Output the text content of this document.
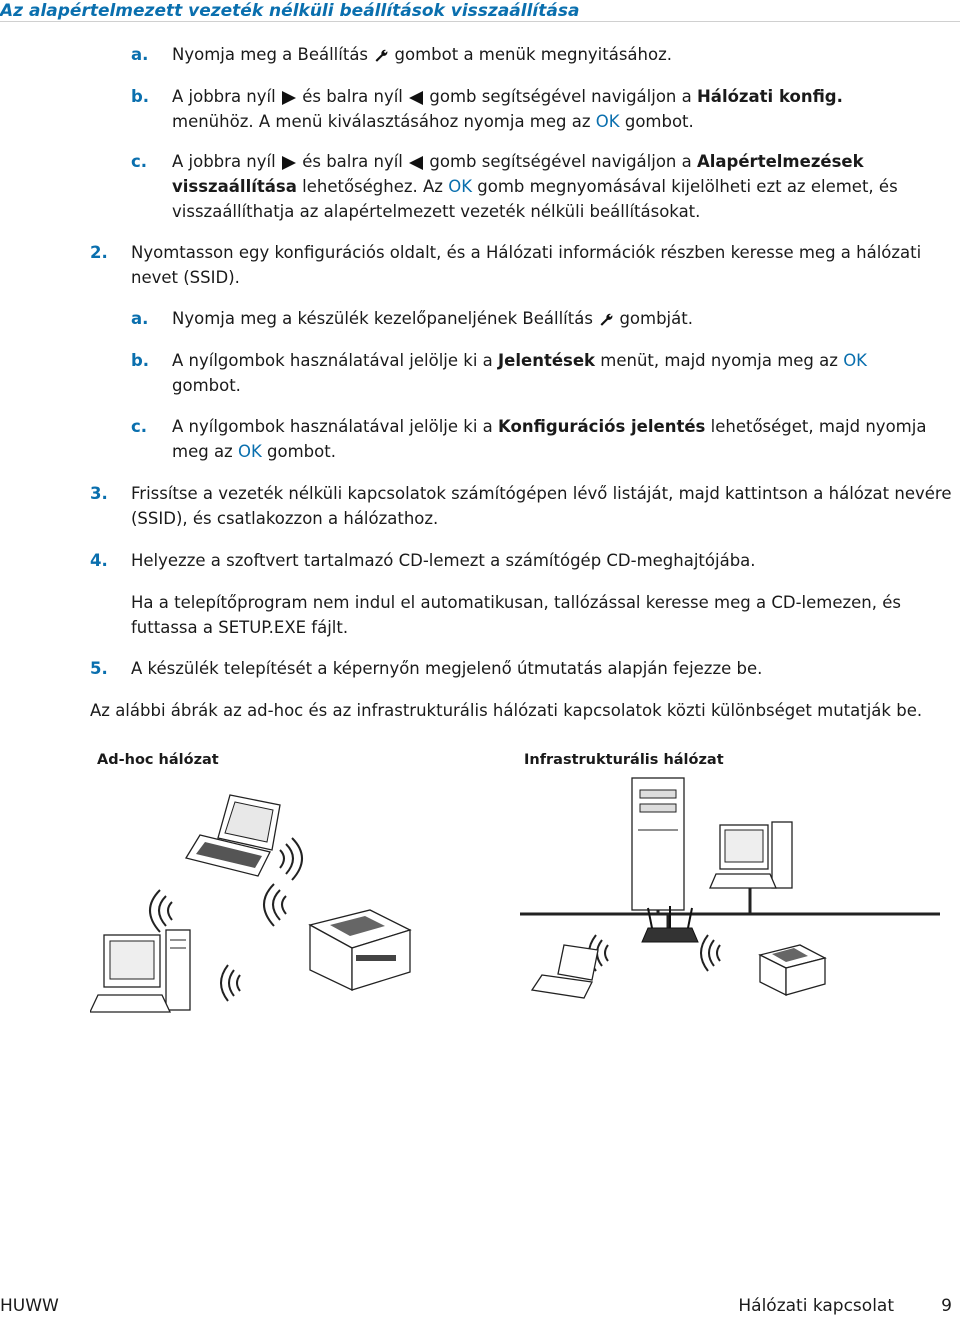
Az alapértelmezett vezeték nélküli beállítások visszaállítása
a. Nyomja meg a Beállítás gombot a menük megnyitásához.
b. A jobbra nyíl és balra nyíl gomb segítségével navigáljon a Hálózati konfig.
menühöz. A menü kiválasztásához nyomja meg az OK gombot.
c. A jobbra nyíl és balra nyíl gomb segítségével navigáljon a Alapértelmezések
visszaállítása lehetőséghez. Az OK gomb megnyomásával kijelölheti ezt az elemet, és
visszaállíthatja az alapértelmezett vezeték nélküli beállításokat.
2. Nyomtasson egy konfigurációs oldalt, és a Hálózati információk részben keresse meg a hálózati
nevet (SSID).
a. Nyomja meg a készülék kezelőpaneljének Beállítás gombját.
b. A nyílgombok használatával jelölje ki a Jelentések menüt, majd nyomja meg az OK
gombot.
c. A nyílgombok használatával jelölje ki a Konfigurációs jelentés lehetőséget, majd nyomja
meg az OK gombot.
3. Frissítse a vezeték nélküli kapcsolatok számítógépen lévő listáját, majd kattintson a hálózat nevére
(SSID), és csatlakozzon a hálózathoz.
4. Helyezze a szoftvert tartalmazó CD-lemezt a számítógép CD-meghajtójába.
Ha a telepítőprogram nem indul el automatikusan, tallózással keresse meg a CD-lemezen, és
futtassa a SETUP.EXE fájlt.
5. A készülék telepítését a képernyőn megjelenő útmutatás alapján fejezze be.
Az alábbi ábrák az ad-hoc és az infrastrukturális hálózati kapcsolatok közti különbséget mutatják be.
Ad-hoc hálózat	Infrastrukturális hálózat
HUWW	Hálózati kapcsolat	9
